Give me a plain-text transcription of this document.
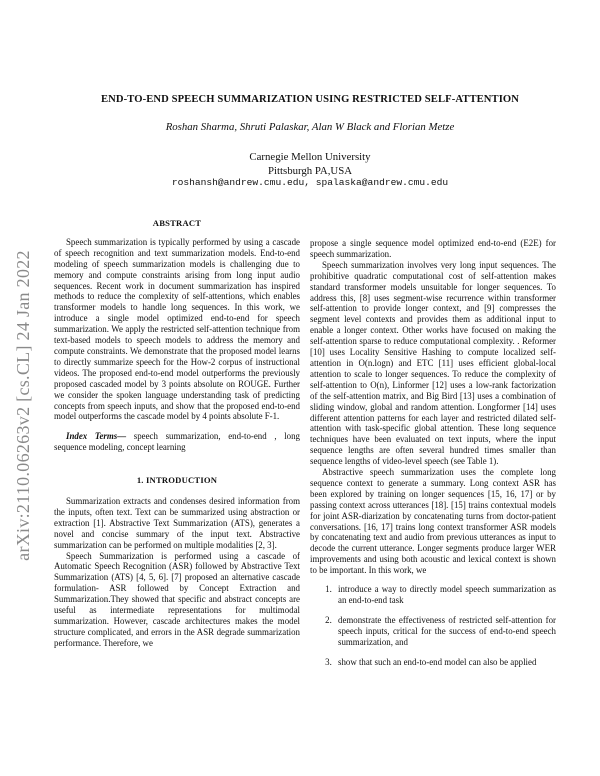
arXiv:2110.06263v2 [cs.CL] 24 Jan 2022
END-TO-END SPEECH SUMMARIZATION USING RESTRICTED SELF-ATTENTION
Roshan Sharma, Shruti Palaskar, Alan W Black and Florian Metze
Carnegie Mellon University
Pittsburgh PA,USA
roshansh@andrew.cmu.edu, spalaska@andrew.cmu.edu
ABSTRACT

Speech summarization is typically performed by using a cascade of speech recognition and text summarization models. End-to-end modeling of speech summarization models is challenging due to memory and compute constraints arising from long input audio sequences. Recent work in document summarization has inspired methods to reduce the complexity of self-attentions, which enables transformer models to handle long sequences. In this work, we introduce a single model optimized end-to-end for speech summarization. We apply the restricted self-attention technique from text-based models to speech models to address the memory and compute constraints. We demonstrate that the proposed model learns to directly summarize speech for the How-2 corpus of instructional videos. The proposed end-to-end model outperforms the previously proposed cascaded model by 3 points absolute on ROUGE. Further we consider the spoken language understanding task of predicting concepts from speech inputs, and show that the proposed end-to-end model outperforms the cascade model by 4 points absolute F-1.

Index Terms— speech summarization, end-to-end , long sequence modeling, concept learning

1. INTRODUCTION

Summarization extracts and condenses desired information from the inputs, often text. Text can be summarized using abstraction or extraction [1]. Abstractive Text Summarization (ATS), generates a novel and concise summary of the input text. Abstractive summarization can be performed on multiple modalities [2, 3].

Speech Summarization is performed using a cascade of Automatic Speech Recognition (ASR) followed by Abstractive Text Summarization (ATS) [4, 5, 6]. [7] proposed an alternative cascade formulation- ASR followed by Concept Extraction and Summarization.They showed that specific and abstract concepts are useful as intermediate representations for multimodal summarization. However, cascade architectures makes the model structure complicated, and errors in the ASR degrade summarization performance. Therefore, we

propose a single sequence model optimized end-to-end (E2E) for speech summarization.

Speech summarization involves very long input sequences. The prohibitive quadratic computational cost of self-attention makes standard transformer models unsuitable for longer sequences. To address this, [8] uses segment-wise recurrence within transformer self-attention to provide longer context, and [9] compresses the segment level contexts and provides them as additional input to enable a longer context. Other works have focused on making the self-attention sparse to reduce computational complexity. . Reformer [10] uses Locality Sensitive Hashing to compute localized self-attention in O(n.logn) and ETC [11] uses efficient global-local attention to scale to longer sequences. To reduce the complexity of self-attention to O(n), Linformer [12] uses a low-rank factorization of the self-attention matrix, and Big Bird [13] uses a combination of sliding window, global and random attention. Longformer [14] uses different attention patterns for each layer and restricted dilated self-attention with task-specific global attention. These long sequence techniques have been evaluated on text inputs, where the input sequence lengths are often several hundred times smaller than sequence lengths of video-level speech (see Table 1).

Abstractive speech summarization uses the complete long sequence context to generate a summary. Long context ASR has been explored by training on longer sequences [15, 16, 17] or by passing context across utterances [18]. [15] trains contextual models for joint ASR-diarization by concatenating turns from doctor-patient conversations. [16, 17] trains long context transformer ASR models by concatenating text and audio from previous utterances as input to decode the current utterance. Longer segments produce larger WER improvements and using both acoustic and lexical context is shown to be important. In this work, we

1. introduce a way to directly model speech summarization as an end-to-end task
2. demonstrate the effectiveness of restricted self-attention for speech inputs, critical for the success of end-to-end speech summarization, and
3. show that such an end-to-end model can also be applied
